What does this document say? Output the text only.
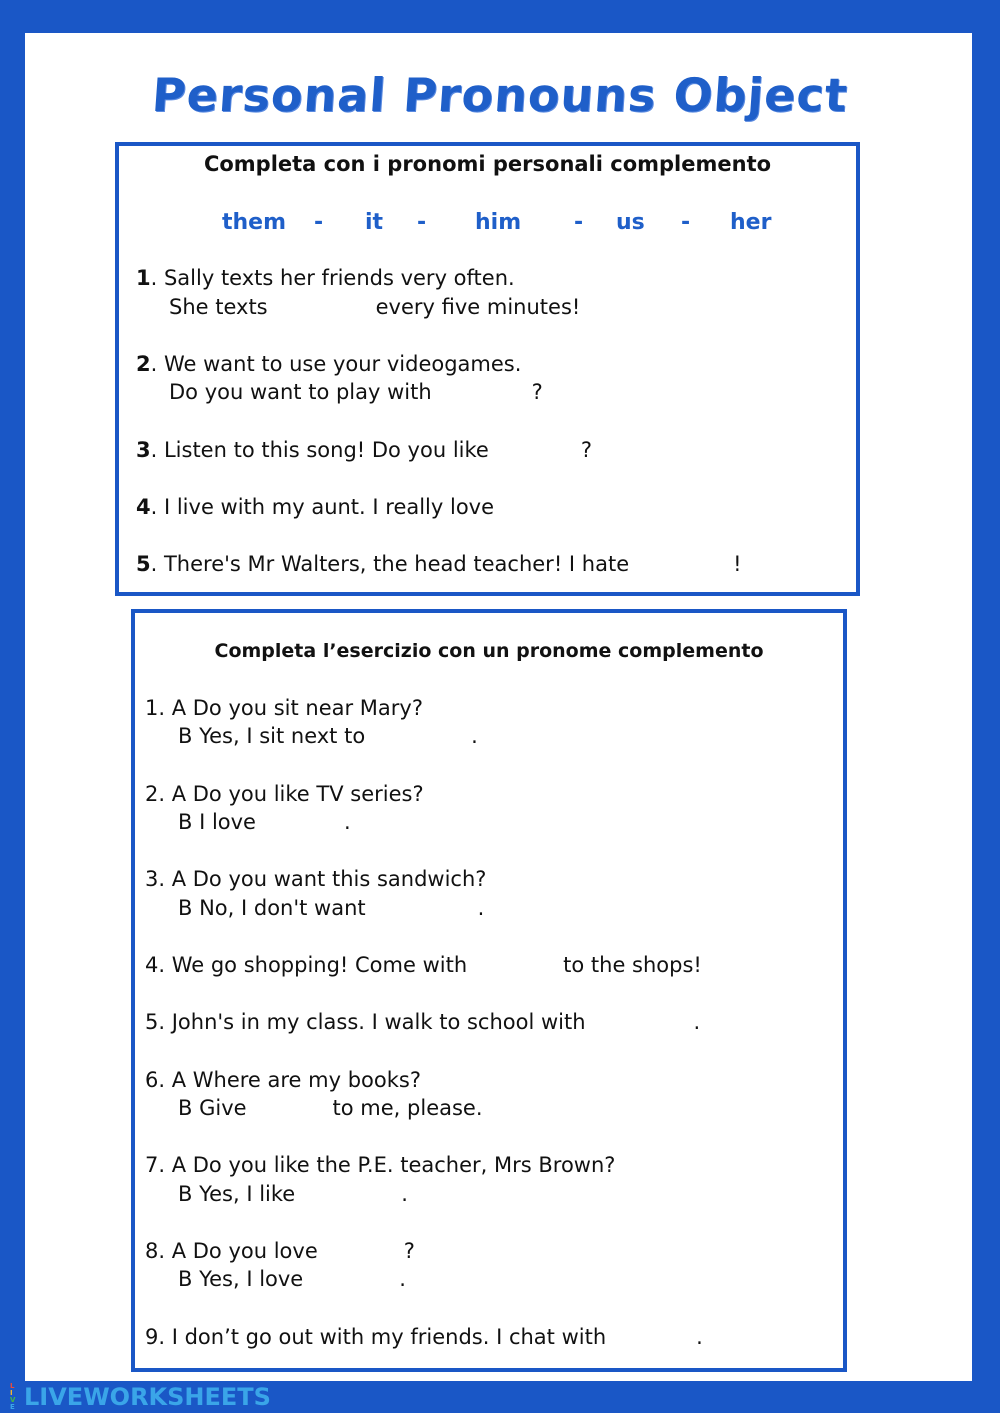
Personal Pronouns Object
Completa con i pronomi personali complemento
them - it - him - us - her
1. Sally texts her friends very often.
She texts	every five minutes!
2. We want to use your videogames.
Do you want to play with	?
3. Listen to this song! Do you like	?
4. I live with my aunt. I really love
5. There's Mr Walters, the head teacher! I hate	!
Completa l’esercizio con un pronome complemento
1. A Do you sit near Mary?
B Yes, I sit next to	.
2. A Do you like TV series?
B I love	.
3. A Do you want this sandwich?
B No, I don't want	.
4. We go shopping! Come with	to the shops!
5. John's in my class. I walk to school with	.
6. A Where are my books?
B Give	to me, please.
7. A Do you like the P.E. teacher, Mrs Brown?
B Yes, I like	.
8. A Do you love	?
B Yes, I love	.
9. I don’t go out with my friends. I chat with	.
L
I
V
E LIVEWORKSHEETS
